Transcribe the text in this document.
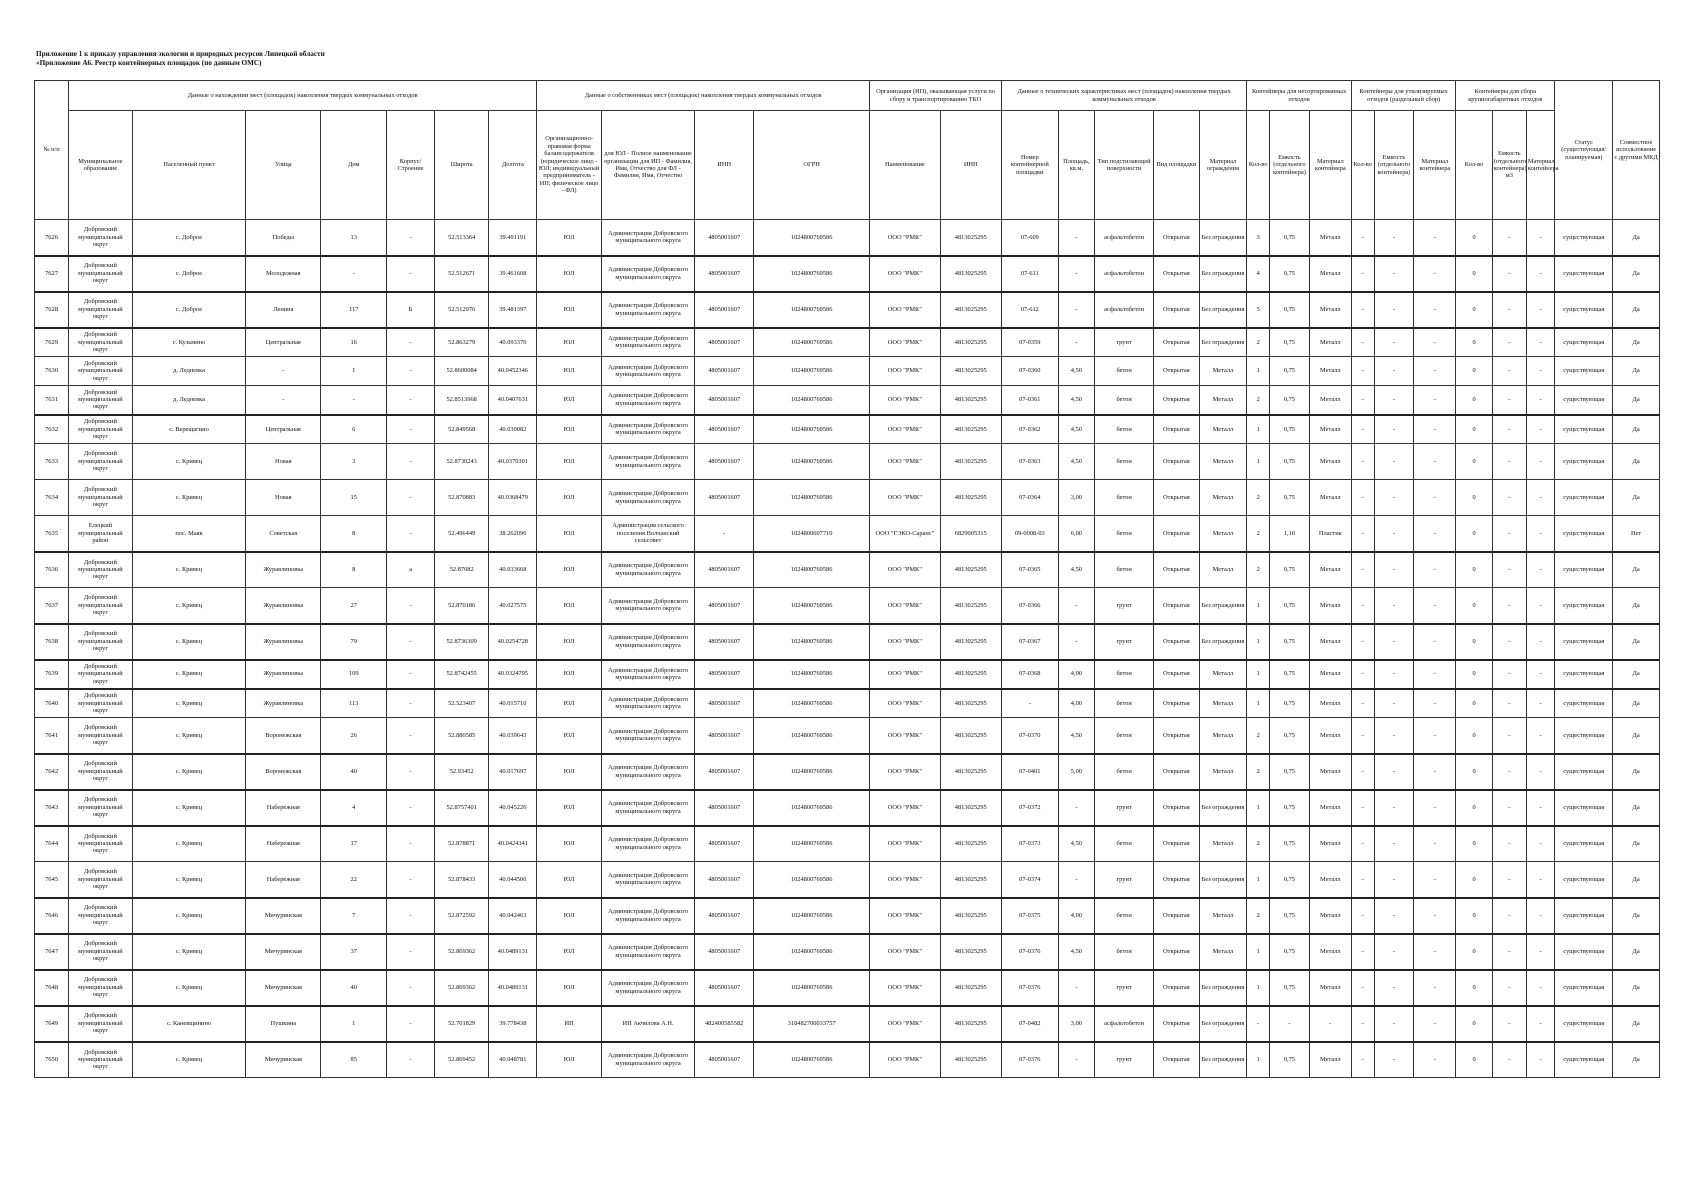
Приложение 1 к приказу управления экологии и природных ресурсов Липецкой области
«Приложение А6. Реестр контейнерных площадок (по данным ОМС)
№ п/п	Данные о нахождении мест (площадок) накопления твердых коммунальных отходов							Данные о собственниках мест (площадок) накопления твердых коммунальных отходов				Организация (ИП), оказывающая услуги по сбору и транспортированию ТКО		Данные о технических характеристиках мест (площадок) накопления твердых коммунальных отходов					Контейнеры для несортированных отходов			Контейнеры для утилизируемых отходов (раздельный сбор)			Контейнеры для сбора крупногабаритных отходов			Статус (существующая/планируемая)	Совместное использование с другими МКД
	Муниципальное образование	Населенный пункт	Улица	Дом	Корпус/Строение	Широта	Долгота	Организационно-правовая форма балансодержателя (юридическое лицо - ЮЛ; индивидуальный предприниматель - ИП; физическое лицо - ФЛ)	для ЮЛ - Полное наименование организации для ИП - Фамилия, Имя, Отчество для ФЛ - Фамилия, Имя, Отчество	ИНН	ОГРН	Наименование	ИНН	Номер контейнерной площадки	Площадь, кв.м.	Тип подстилающей поверхности	Вид площадки	Материал ограждения	Кол-во	Емкость (отдельного контейнера)	Материал контейнера	Кол-во	Емкость (отдельного контейнера)	Материал контейнера	Кол-во	Емкость (отдельного контейнера) м3	Материал контейнера		
7626	Добровский муниципальный округ	с. Доброе	Победы	13	-	52.513364	39.491191	ЮЛ	Администрация Добровского муниципального округа	4805001607	1024800769586	ООО "РМК"	4813025295	07-609	-	асфальтобетон	Открытая	Без ограждения	3	0,75	Металл	-	-	-	0	-	-	существующая	Да
7627	Добровский муниципальный округ	с. Доброе	Молодежная	-	-	52.512671	39.461608	ЮЛ	Администрация Добровского муниципального округа	4805001607	1024800769586	ООО "РМК"	4813025295	07-611	-	асфальтобетон	Открытая	Без ограждения	4	0,75	Металл	-	-	-	0	-	-	существующая	Да
7628	Добровский муниципальный округ	с. Доброе	Ленина	117	Б	52.512976	39.481397	ЮЛ	Администрация Добровского муниципального округа	4805001607	1024800769586	ООО "РМК"	4813025295	07-612	-	асфальтобетон	Открытая	Без ограждения	5	0,75	Металл	-	-	-	0	-	-	существующая	Да
7629	Добровский муниципальный округ	с. Кузьмино	Центральная	16	-	52.863279	40.093370	ЮЛ	Администрация Добровского муниципального округа	4805001607	1024800769586	ООО "РМК"	4813025295	07-0359	-	грунт	Открытая	Без ограждения	2	0,75	Металл	-	-	-	0	-	-	существующая	Да
7630	Добровский муниципальный округ	д. Ледневка	-	1	-	52.8600084	40.0452346	ЮЛ	Администрация Добровского муниципального округа	4805001607	1024800769586	ООО "РМК"	4813025295	07-0360	4,50	бетон	Открытая	Металл	1	0,75	Металл	-	-	-	0	-	-	существующая	Да
7631	Добровский муниципальный округ	д. Ледневка	-	-	-	52.8513968	40.0407631	ЮЛ	Администрация Добровского муниципального округа	4805001607	1024800769586	ООО "РМК"	4813025295	07-0361	4,50	бетон	Открытая	Металл	2	0,75	Металл	-	-	-	0	-	-	существующая	Да
7632	Добровский муниципальный округ	с. Верещагино	Центральная	6	-	52.849568	40.030082	ЮЛ	Администрация Добровского муниципального округа	4805001607	1024800769586	ООО "РМК"	4813025295	07-0362	4,50	бетон	Открытая	Металл	1	0,75	Металл	-	-	-	0	-	-	существующая	Да
7633	Добровский муниципальный округ	с. Кривец	Новая	3	-	52.8730243	40.0370301	ЮЛ	Администрация Добровского муниципального округа	4805001607	1024800769586	ООО "РМК"	4813025295	07-0363	4,50	бетон	Открытая	Металл	1	0,75	Металл	-	-	-	0	-	-	существующая	Да
7634	Добровский муниципальный округ	с. Кривец	Новая	15	-	52.870883	40.0368479	ЮЛ	Администрация Добровского муниципального округа	4805001607	1024800769586	ООО "РМК"	4813025295	07-0364	3,00	бетон	Открытая	Металл	2	0,75	Металл	-	-	-	0	-	-	существующая	Да
7635	Елецкий муниципальный район	пос. Маяк	Советская	8	-	52.496449	38.262096	ЮЛ	Администрация сельского поселения Волчанский сельсовет	-	1024800607710	ООО "ГЭКО-Саранс"	6829005315	09-0008-03	6,00	бетон	Открытая	Металл	2	1,10	Пластик	-	-	-	0	-	-	существующая	Нет
7636	Добровский муниципальный округ	с. Кривец	Журавлиновка	8	а	52.87082	40.033668	ЮЛ	Администрация Добровского муниципального округа	4805001607	1024800769586	ООО "РМК"	4813025295	07-0365	4,50	бетон	Открытая	Металл	2	0,75	Металл	-	-	-	0	-	-	существующая	Да
7637	Добровский муниципальный округ	с. Кривец	Журавлиновка	27	-	52.870186	40.027575	ЮЛ	Администрация Добровского муниципального округа	4805001607	1024800769586	ООО "РМК"	4813025295	07-0366	-	грунт	Открытая	Без ограждения	1	0,75	Металл	-	-	-	0	-	-	существующая	Да
7638	Добровский муниципальный округ	с. Кривец	Журавлиновка	79	-	52.8736309	40.0254728	ЮЛ	Администрация Добровского муниципального округа	4805001607	1024800769586	ООО "РМК"	4813025295	07-0367	-	грунт	Открытая	Без ограждения	1	0,75	Металл	-	-	-	0	-	-	существующая	Да
7639	Добровский муниципальный округ	с. Кривец	Журавлиновка	109	-	52.8742455	40.0324795	ЮЛ	Администрация Добровского муниципального округа	4805001607	1024800769586	ООО "РМК"	4813025295	07-0368	4,00	бетон	Открытая	Металл	1	0,75	Металл	-	-	-	0	-	-	существующая	Да
7640	Добровский муниципальный округ	с. Кривец	Журавлиновка	113	-	52.523407	40.015710	ЮЛ	Администрация Добровского муниципального округа	4805001607	1024800769586	ООО "РМК"	4813025295	-	4,00	бетон	Открытая	Металл	1	0,75	Металл	-	-	-	0	-	-	существующая	Да
7641	Добровский муниципальный округ	с. Кривец	Воронежская	26	-	52.880585	40.039643	ЮЛ	Администрация Добровского муниципального округа	4805001607	1024800769586	ООО "РМК"	4813025295	07-0370	4,50	бетон	Открытая	Металл	2	0,75	Металл	-	-	-	0	-	-	существующая	Да
7642	Добровский муниципальный округ	с. Кривец	Воронежская	40	-	52.93452	40.017697	ЮЛ	Администрация Добровского муниципального округа	4805001607	1024800769586	ООО "РМК"	4813025295	07-0401	5,00	бетон	Открытая	Металл	2	0,75	Металл	-	-	-	0	-	-	существующая	Да
7643	Добровский муниципальный округ	с. Кривец	Набережная	4	-	52.8757401	40.045226	ЮЛ	Администрация Добровского муниципального округа	4805001607	1024800769586	ООО "РМК"	4813025295	07-0372	-	грунт	Открытая	Без ограждения	1	0,75	Металл	-	-	-	0	-	-	существующая	Да
7644	Добровский муниципальный округ	с. Кривец	Набережная	17	-	52.878871	40.0424341	ЮЛ	Администрация Добровского муниципального округа	4805001607	1024800769586	ООО "РМК"	4813025295	07-0373	4,50	бетон	Открытая	Металл	2	0,75	Металл	-	-	-	0	-	-	существующая	Да
7645	Добровский муниципальный округ	с. Кривец	Набережная	22	-	52.878433	40.044506	ЮЛ	Администрация Добровского муниципального округа	4805001607	1024800769586	ООО "РМК"	4813025295	07-0374	-	грунт	Открытая	Без ограждения	1	0,75	Металл	-	-	-	0	-	-	существующая	Да
7646	Добровский муниципальный округ	с. Кривец	Мичуринская	7	-	52.872592	40.042463	ЮЛ	Администрация Добровского муниципального округа	4805001607	1024800769586	ООО "РМК"	4813025295	07-0375	4,00	бетон	Открытая	Металл	2	0,75	Металл	-	-	-	0	-	-	существующая	Да
7647	Добровский муниципальный округ	с. Кривец	Мичуринская	37	-	52.869362	40.0489131	ЮЛ	Администрация Добровского муниципального округа	4805001607	1024800769586	ООО "РМК"	4813025295	07-0376	4,50	бетон	Открытая	Металл	1	0,75	Металл	-	-	-	0	-	-	существующая	Да
7648	Добровский муниципальный округ	с. Кривец	Мичуринская	40	-	52.869362	40.0489131	ЮЛ	Администрация Добровского муниципального округа	4805001607	1024800769586	ООО "РМК"	4813025295	07-0376	-	грунт	Открытая	Без ограждения	1	0,75	Металл	-	-	-	0	-	-	существующая	Да
7649	Добровский муниципальный округ	с. Каневщинино	Пушкина	1	-	52.701829	39.778438	ИП	ИП Акчилова А.Н.	482400585582	318482700033757	ООО "РМК"	4813025295	07-0482	3,00	асфальтобетон	Открытая	Без ограждения	-	-	-	-	-	-	0	-	-	существующая	Да
7650	Добровский муниципальный округ	с. Кривец	Мичуринская	85	-	52.869452	40.048781	ЮЛ	Администрация Добровского муниципального округа	4805001607	1024800769586	ООО "РМК"	4813025295	07-0376	-	грунт	Открытая	Без ограждения	1	0,75	Металл	-	-	-	0	-	-	существующая	Да
